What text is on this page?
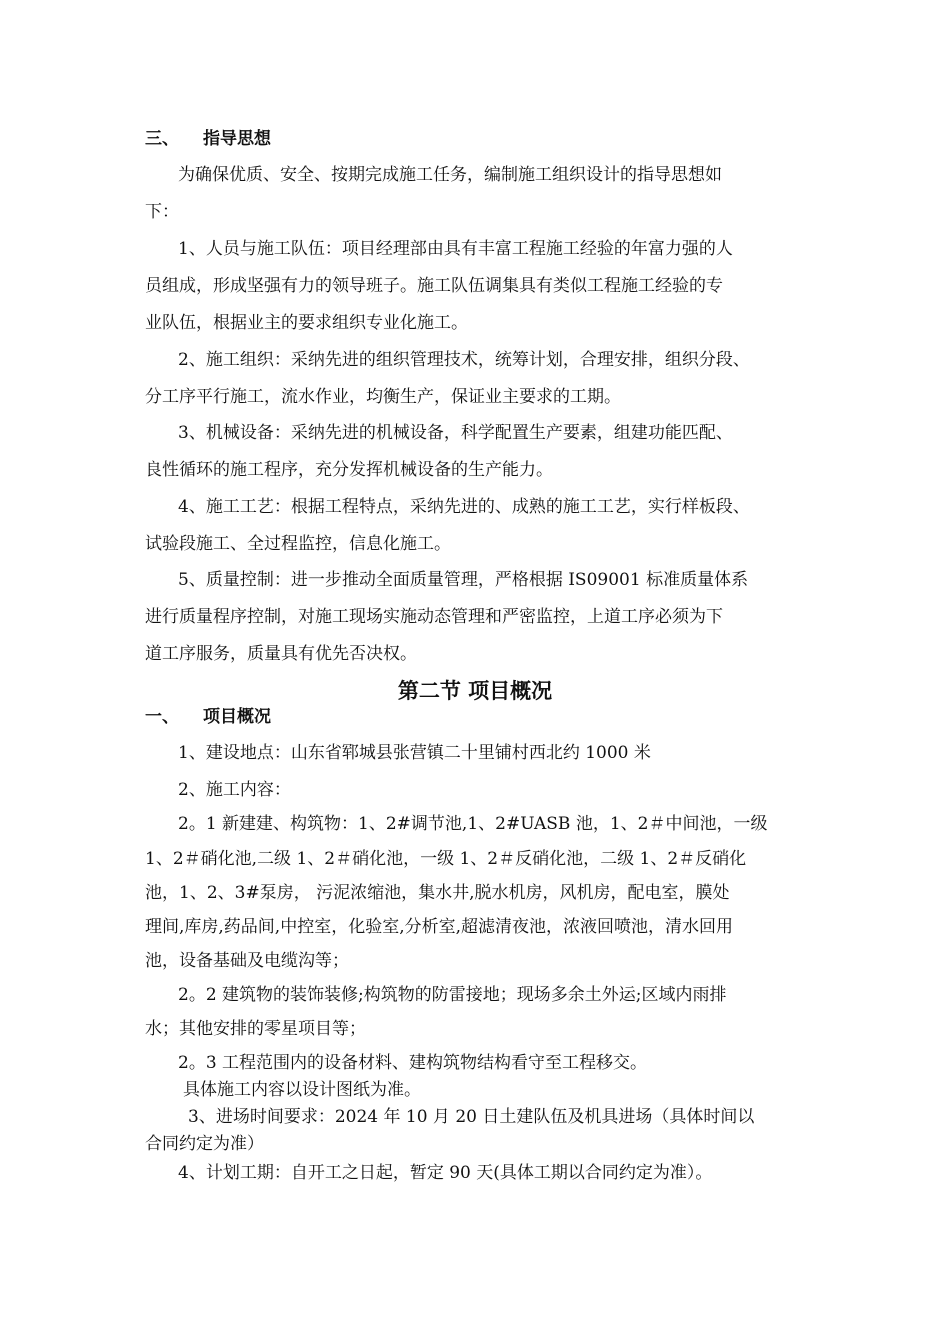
三、 指导思想
为确保优质、安全、按期完成施工任务，编制施工组织设计的指导思想如
下：
1、人员与施工队伍：项目经理部由具有丰富工程施工经验的年富力强的人
员组成，形成坚强有力的领导班子。施工队伍调集具有类似工程施工经验的专
业队伍，根据业主的要求组织专业化施工。
2、施工组织：采纳先进的组织管理技术，统筹计划，合理安排，组织分段、
分工序平行施工，流水作业，均衡生产，保证业主要求的工期。
3、机械设备：采纳先进的机械设备，科学配置生产要素，组建功能匹配、
良性循环的施工程序，充分发挥机械设备的生产能力。
4、施工工艺：根据工程特点，采纳先进的、成熟的施工工艺，实行样板段、
试验段施工、全过程监控，信息化施工。
5、质量控制：进一步推动全面质量管理，严格根据 IS09001 标准质量体系
进行质量程序控制，对施工现场实施动态管理和严密监控，上道工序必须为下
道工序服务，质量具有优先否决权。
第二节 项目概况
一、 项目概况
1、建设地点：山东省郓城县张营镇二十里铺村西北约 1000 米
2、施工内容：
2。1 新建建、构筑物：1、2#调节池,1、2#UASB 池，1、2＃中间池，一级
1、2＃硝化池,二级 1、2＃硝化池，一级 1、2＃反硝化池，二级 1、2＃反硝化
池，1、2、3#泵房， 污泥浓缩池，集水井,脱水机房，风机房，配电室，膜处
理间,库房,药品间,中控室，化验室,分析室,超滤清夜池，浓液回喷池，清水回用
池，设备基础及电缆沟等；
2。2 建筑物的装饰装修;构筑物的防雷接地；现场多余土外运;区域内雨排
水；其他安排的零星项目等；
2。3 工程范围内的设备材料、建构筑物结构看守至工程移交。
具体施工内容以设计图纸为准。
3、进场时间要求：2024 年 10 月 20 日土建队伍及机具进场（具体时间以
合同约定为准）
4、计划工期：自开工之日起，暂定 90 天(具体工期以合同约定为准）。
